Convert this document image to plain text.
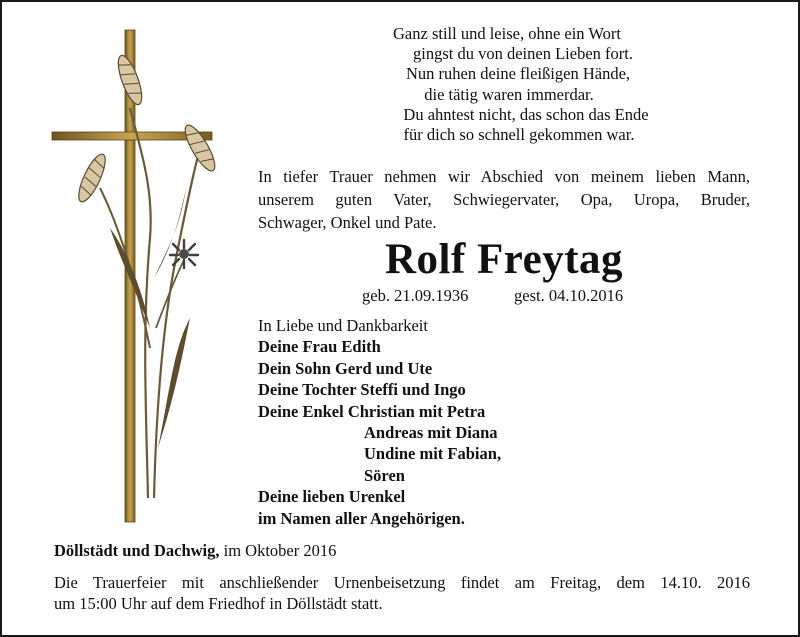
Ganz still und leise, ohne ein Wort
gingst du von deinen Lieben fort.
Nun ruhen deine fleißigen Hände,
die tätig waren immerdar.
Du ahntest nicht, das schon das Ende
für dich so schnell gekommen war.
In tiefer Trauer nehmen wir Abschied von meinem lieben Mann,
unserem guten Vater, Schwiegervater, Opa, Uropa, Bruder,
Schwager, Onkel und Pate.
Rolf Freytag
geb. 21.09.1936	gest. 04.10.2016
In Liebe und Dankbarkeit
Deine Frau Edith
Dein Sohn Gerd und Ute
Deine Tochter Steffi und Ingo
Deine Enkel Christian mit Petra
Andreas mit Diana
Undine mit Fabian,
Sören
Deine lieben Urenkel
im Namen aller Angehörigen.
Döllstädt und Dachwig, im Oktober 2016
Die Trauerfeier mit anschließender Urnenbeisetzung findet am Freitag, dem 14.10. 2016
um 15:00 Uhr auf dem Friedhof in Döllstädt statt.
